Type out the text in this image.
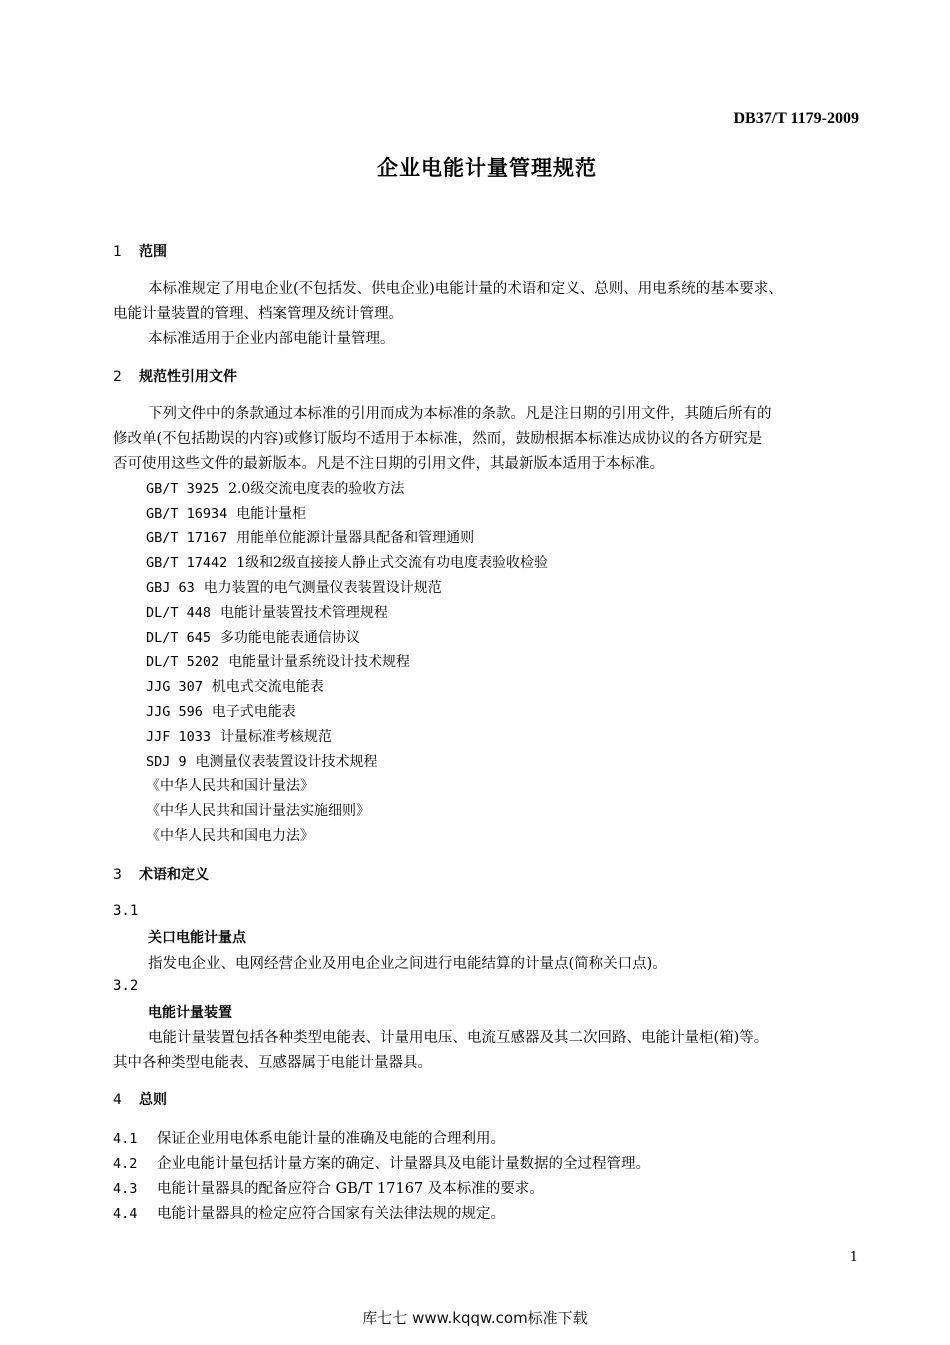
DB37/T 1179-2009
企业电能计量管理规范
1 范围
本标准规定了用电企业(不包括发、供电企业)电能计量的术语和定义、总则、用电系统的基本要求、
电能计量装置的管理、档案管理及统计管理。
本标准适用于企业内部电能计量管理。
2 规范性引用文件
下列文件中的条款通过本标准的引用而成为本标准的条款。凡是注日期的引用文件，其随后所有的
修改单(不包括勘误的内容)或修订版均不适用于本标准，然而，鼓励根据本标准达成协议的各方研究是
否可使用这些文件的最新版本。凡是不注日期的引用文件，其最新版本适用于本标准。
GB/T 3925 2.0级交流电度表的验收方法
GB/T 16934 电能计量柜
GB/T 17167 用能单位能源计量器具配备和管理通则
GB/T 17442 1级和2级直接接人静止式交流有功电度表验收检验
GBJ 63 电力装置的电气测量仪表装置设计规范
DL/T 448 电能计量装置技术管理规程
DL/T 645 多功能电能表通信协议
DL/T 5202 电能量计量系统设计技术规程
JJG 307 机电式交流电能表
JJG 596 电子式电能表
JJF 1033 计量标准考核规范
SDJ 9 电测量仪表装置设计技术规程
《中华人民共和国计量法》
《中华人民共和国计量法实施细则》
《中华人民共和国电力法》
3 术语和定义
3.1
关口电能计量点
指发电企业、电网经营企业及用电企业之间进行电能结算的计量点(简称关口点)。
3.2
电能计量装置
电能计量装置包括各种类型电能表、计量用电压、电流互感器及其二次回路、电能计量柜(箱)等。
其中各种类型电能表、互感器属于电能计量器具。
4 总则
4.1 保证企业用电体系电能计量的准确及电能的合理利用。
4.2 企业电能计量包括计量方案的确定、计量器具及电能计量数据的全过程管理。
4.3 电能计量器具的配备应符合 GB/T 17167 及本标准的要求。
4.4 电能计量器具的检定应符合国家有关法律法规的规定。
1
库七七 www.kqqw.com标准下载
